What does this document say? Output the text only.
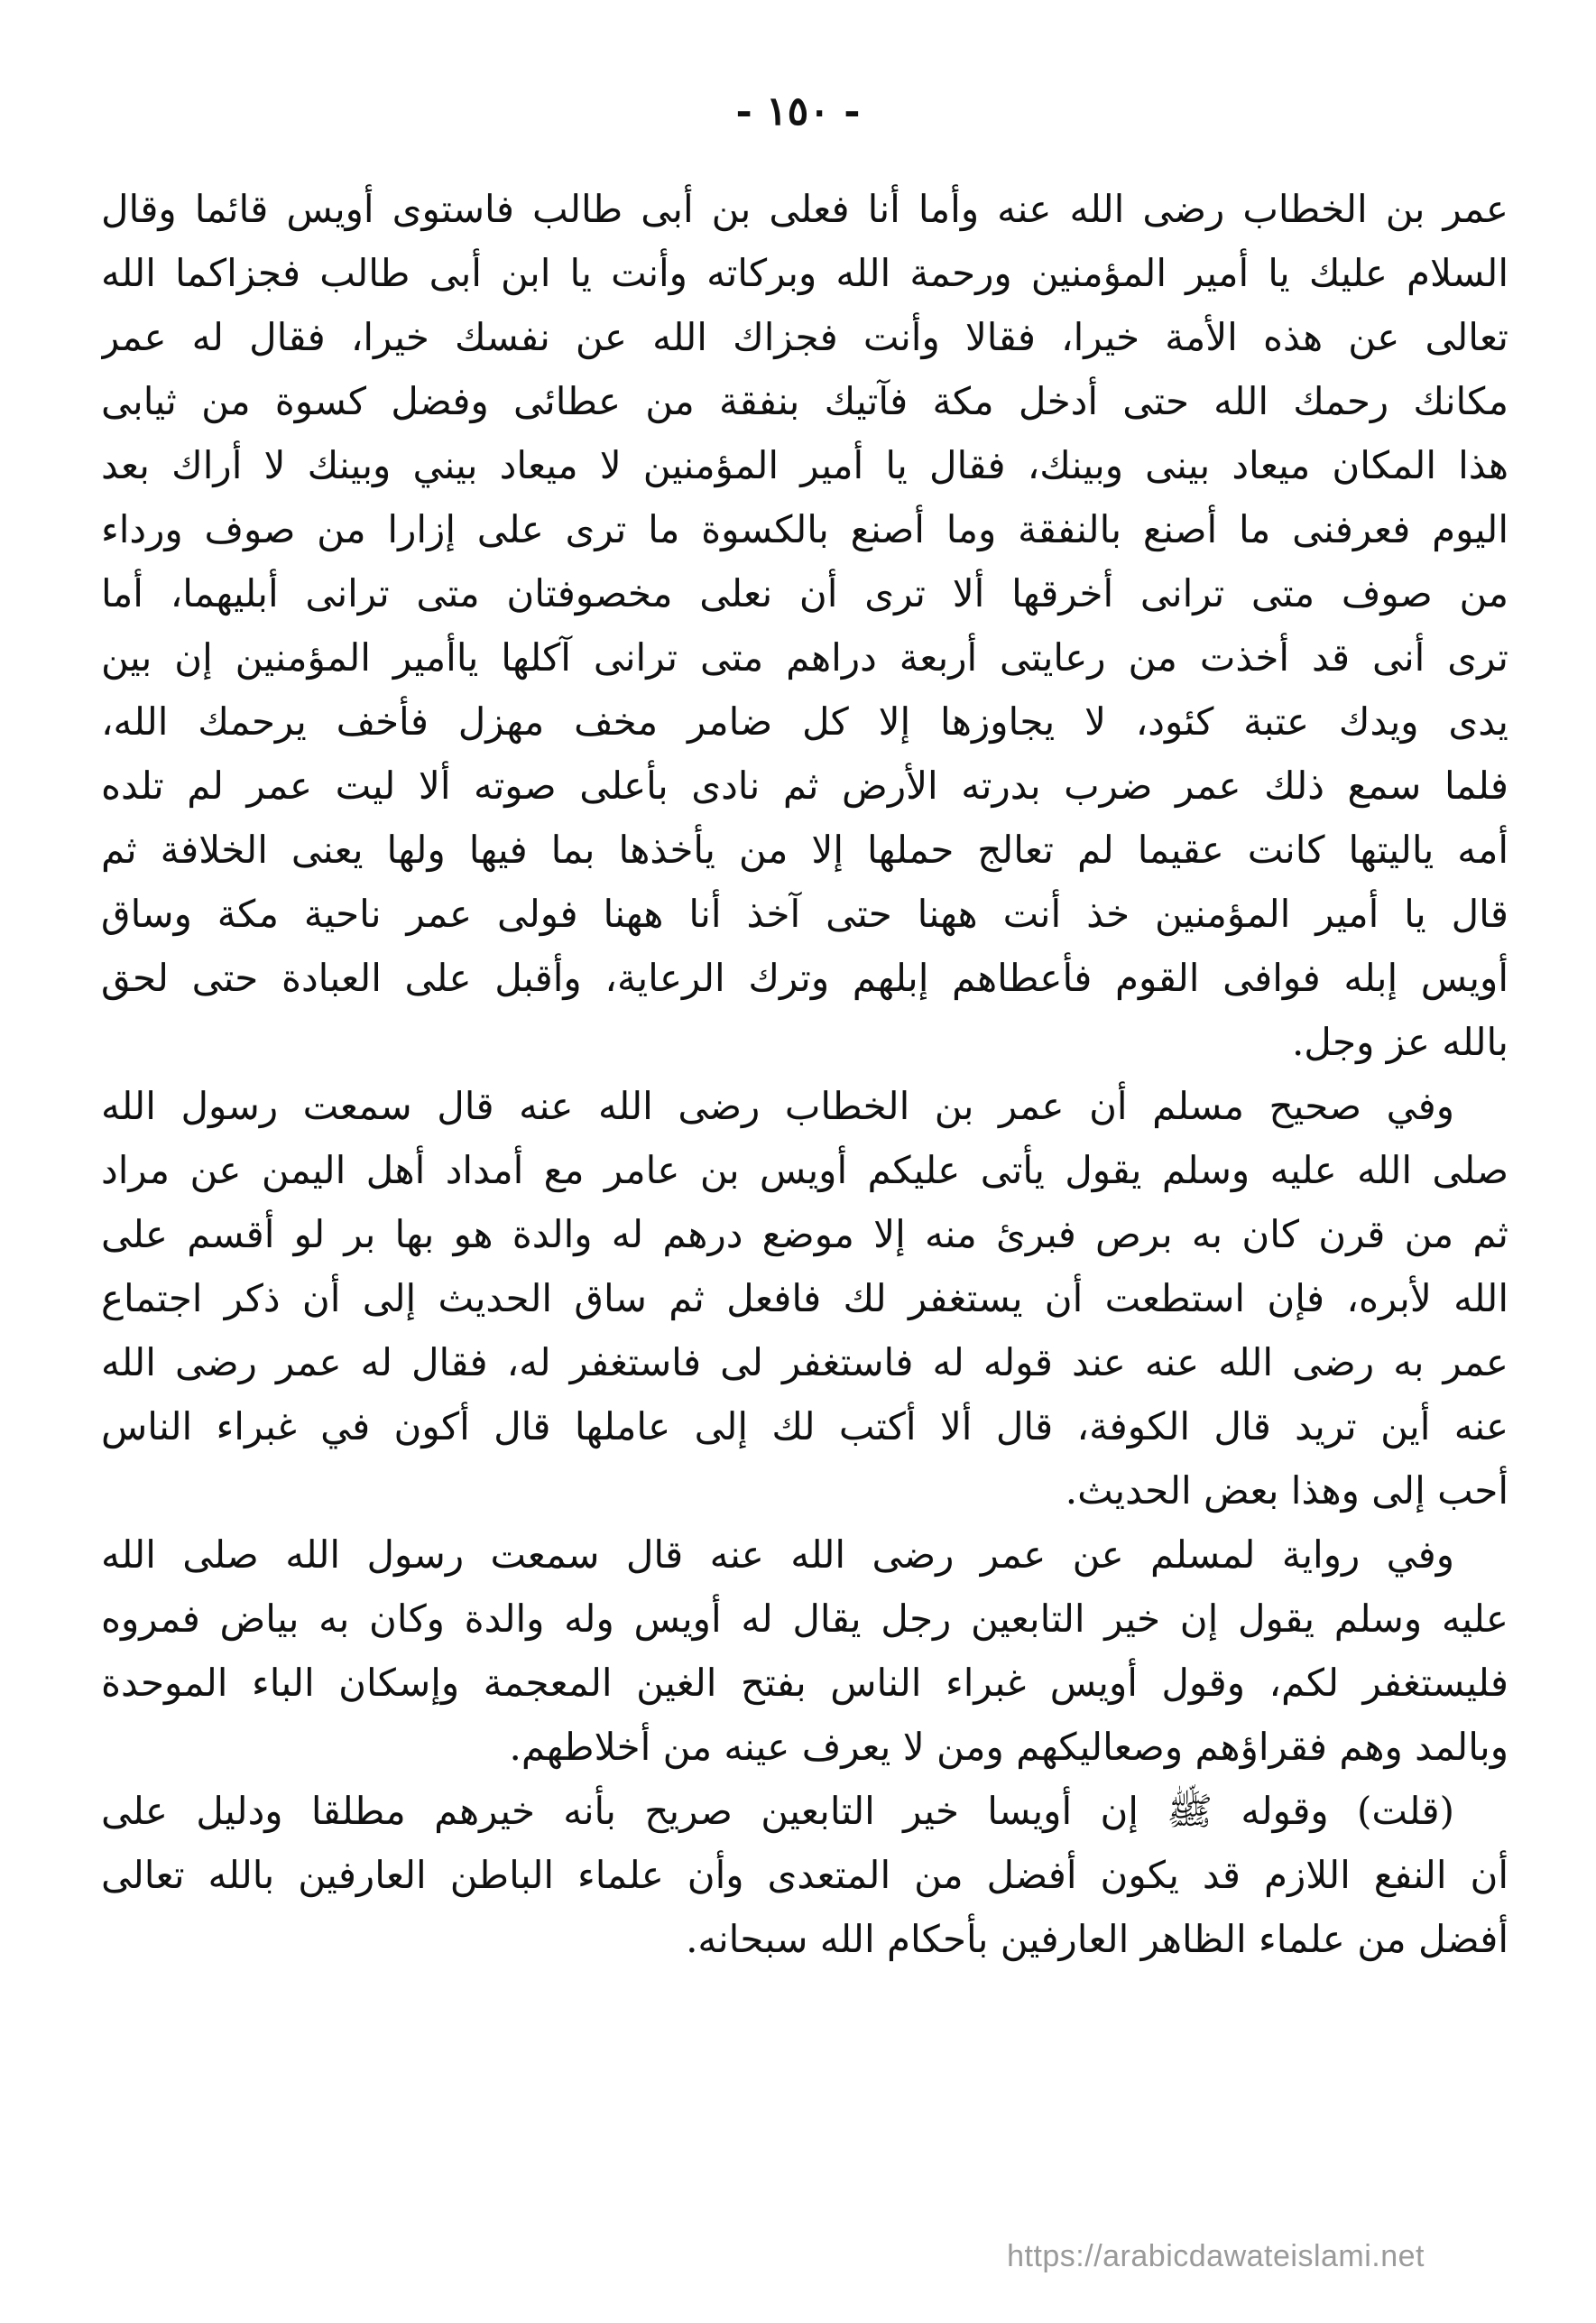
- ١٥٠ -
عمر بن الخطاب رضى الله عنه وأما أنا فعلى بن أبى طالب فاستوى أويس قائما وقال
السلام عليك يا أمير المؤمنين ورحمة الله وبركاته وأنت يا ابن أبى طالب فجزاكما الله
تعالى عن هذه الأمة خيرا، فقالا وأنت فجزاك الله عن نفسك خيرا، فقال له عمر
مكانك رحمك الله حتى أدخل مكة فآتيك بنفقة من عطائى وفضل كسوة من ثيابى
هذا المكان ميعاد بينى وبينك، فقال يا أمير المؤمنين لا ميعاد بيني وبينك لا أراك بعد
اليوم فعرفنى ما أصنع بالنفقة وما أصنع بالكسوة ما ترى على إزارا من صوف ورداء
من صوف متى ترانى أخرقها ألا ترى أن نعلى مخصوفتان متى ترانى أبليهما، أما
ترى أنى قد أخذت من رعايتى أربعة دراهم متى ترانى آكلها ياأمير المؤمنين إن بين
يدى ويدك عتبة كئود، لا يجاوزها إلا كل ضامر مخف مهزل فأخف يرحمك الله،
فلما سمع ذلك عمر ضرب بدرته الأرض ثم نادى بأعلى صوته ألا ليت عمر لم تلده
أمه ياليتها كانت عقيما لم تعالج حملها إلا من يأخذها بما فيها ولها يعنى الخلافة ثم
قال يا أمير المؤمنين خذ أنت ههنا حتى آخذ أنا ههنا فولى عمر ناحية مكة وساق
أويس إبله فوافى القوم فأعطاهم إبلهم وترك الرعاية، وأقبل على العبادة حتى لحق
بالله عز وجل.
وفي صحيح مسلم أن عمر بن الخطاب رضى الله عنه قال سمعت رسول الله
صلى الله عليه وسلم يقول يأتى عليكم أويس بن عامر مع أمداد أهل اليمن عن مراد
ثم من قرن كان به برص فبرئ منه إلا موضع درهم له والدة هو بها بر لو أقسم على
الله لأبره، فإن استطعت أن يستغفر لك فافعل ثم ساق الحديث إلى أن ذكر اجتماع
عمر به رضى الله عنه عند قوله له فاستغفر لى فاستغفر له، فقال له عمر رضى الله
عنه أين تريد قال الكوفة، قال ألا أكتب لك إلى عاملها قال أكون في غبراء الناس
أحب إلى وهذا بعض الحديث.
وفي رواية لمسلم عن عمر رضى الله عنه قال سمعت رسول الله صلى الله
عليه وسلم يقول إن خير التابعين رجل يقال له أويس وله والدة وكان به بياض فمروه
فليستغفر لكم، وقول أويس غبراء الناس بفتح الغين المعجمة وإسكان الباء الموحدة
وبالمد وهم فقراؤهم وصعاليكهم ومن لا يعرف عينه من أخلاطهم.
(قلت) وقوله ﷺ إن أويسا خير التابعين صريح بأنه خيرهم مطلقا ودليل على
أن النفع اللازم قد يكون أفضل من المتعدى وأن علماء الباطن العارفين بالله تعالى
أفضل من علماء الظاهر العارفين بأحكام الله سبحانه.
https://arabicdawateislami.net
